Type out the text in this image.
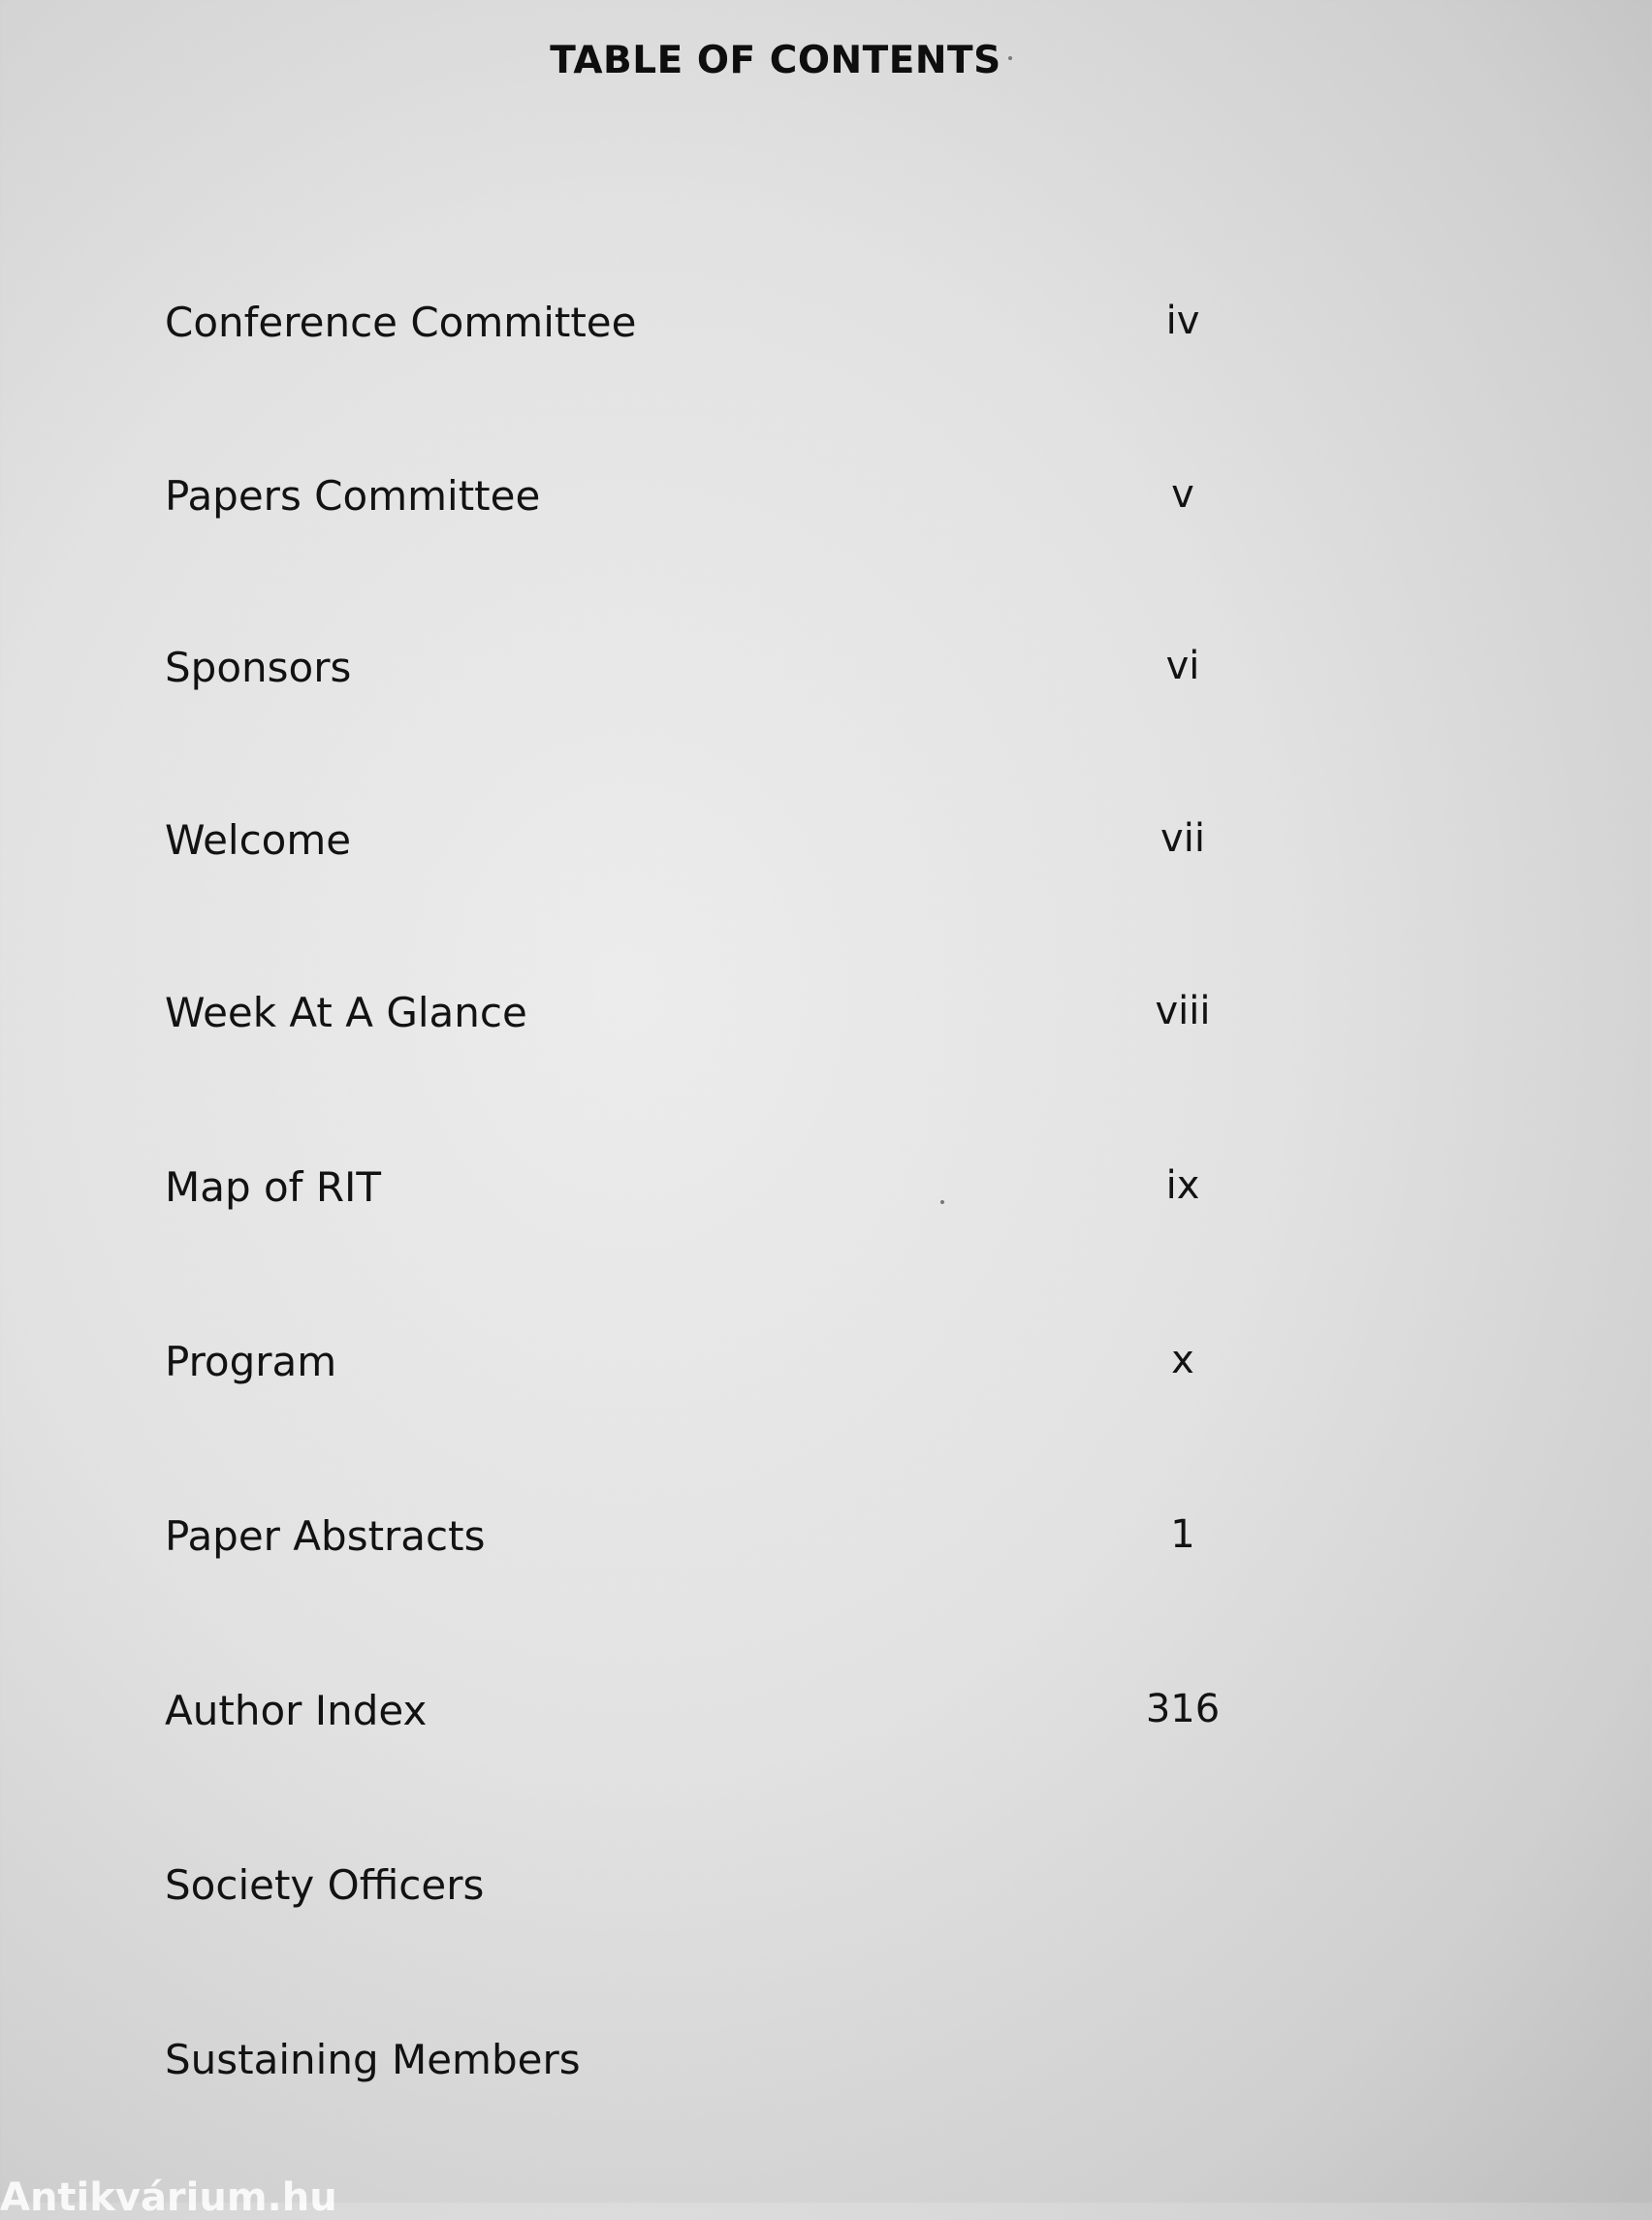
TABLE OF CONTENTS
Conference Committee	iv
Papers Committee	v
Sponsors	vi
Welcome	vii
Week At A Glance	viii
Map of RIT	ix
Program	x
Paper Abstracts	1
Author Index	316
Society Officers
Sustaining Members
Antikvárium.hu
